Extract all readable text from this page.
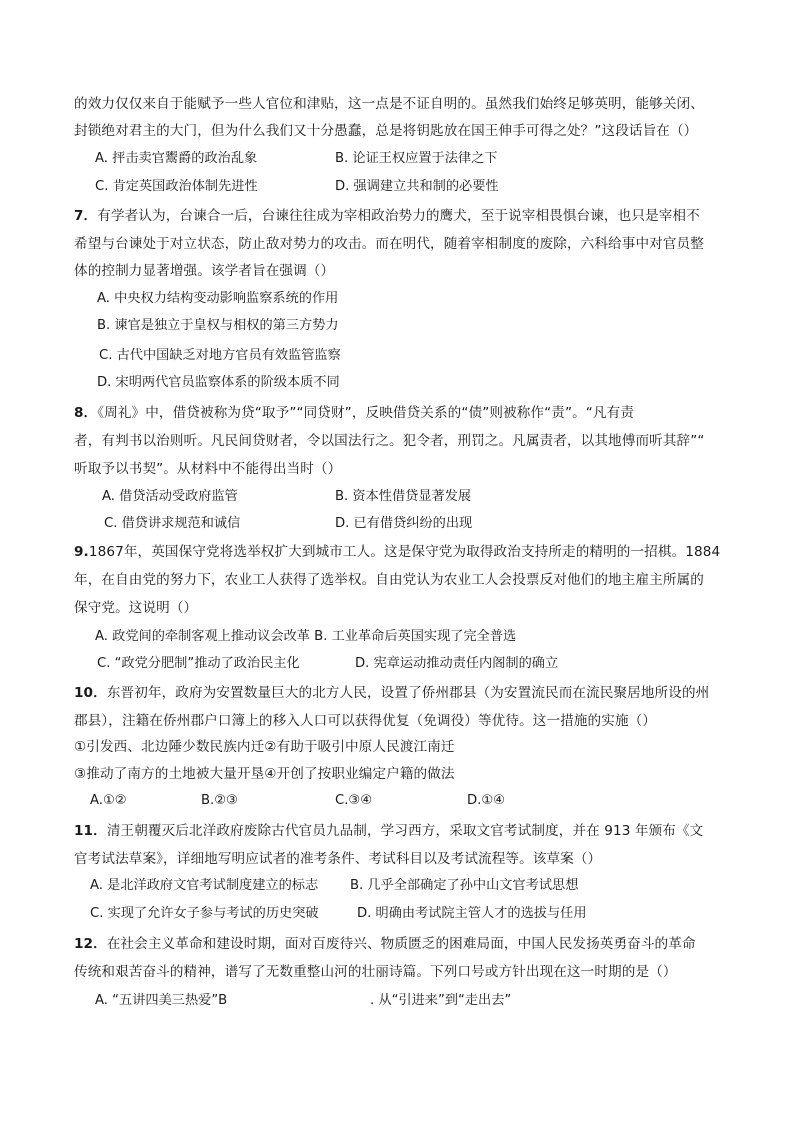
的效力仅仅来自于能赋予一些人官位和津贴，这一点是不证自明的。虽然我们始终足够英明，能够关闭、
封锁绝对君主的大门，但为什么我们又十分愚蠢，总是将钥匙放在国王伸手可得之处？”这段话旨在（）
A. 抨击卖官鬻爵的政治乱象	B. 论证王权应置于法律之下
C. 肯定英国政治体制先进性	D. 强调建立共和制的必要性
7．有学者认为，台谏合一后，台谏往往成为宰相政治势力的鹰犬，至于说宰相畏惧台谏，也只是宰相不
希望与台谏处于对立状态，防止敌对势力的攻击。而在明代，随着宰相制度的废除，六科给事中对官员整
体的控制力显著增强。该学者旨在强调（）
A. 中央权力结构变动影响监察系统的作用
B. 谏官是独立于皇权与相权的第三方势力
C. 古代中国缺乏对地方官员有效监管监察
D. 宋明两代官员监察体系的阶级本质不同
8．《周礼》中，借贷被称为贷“取予”“同贷财”，反映借贷关系的“债”则被称作“责”。“凡有责
者，有判书以治则听。凡民间贷财者，令以国法行之。犯令者，刑罚之。凡属责者，以其地傅而听其辞”“
听取予以书契”。从材料中不能得出当时（）
A. 借贷活动受政府监管	B. 资本性借贷显著发展
C. 借贷讲求规范和诚信	D. 已有借贷纠纷的出现
9.1867年，英国保守党将选举权扩大到城市工人。这是保守党为取得政治支持所走的精明的一招棋。1884
年，在自由党的努力下，农业工人获得了选举权。自由党认为农业工人会投票反对他们的地主雇主所属的
保守党。这说明（）
A. 政党间的牵制客观上推动议会改革 B. 工业革命后英国实现了完全普选
C. “政党分肥制”推动了政治民主化	D. 宪章运动推动责任内阁制的确立
10．东晋初年，政府为安置数量巨大的北方人民，设置了侨州郡县（为安置流民而在流民聚居地所设的州
郡县），注籍在侨州郡户口簿上的移入人口可以获得优复（免调役）等优待。这一措施的实施（）
①引发西、北边陲少数民族内迁②有助于吸引中原人民渡江南迁
③推动了南方的土地被大量开垦④开创了按职业编定户籍的做法
A.①②	B.②③	C.③④	D.①④
11．清王朝覆灭后北洋政府废除古代官员九品制，学习西方，采取文官考试制度，并在 913 年颁布《文
官考试法草案》，详细地写明应试者的准考条件、考试科目以及考试流程等。该草案（）
A. 是北洋政府文官考试制度建立的标志 B. 几乎全部确定了孙中山文官考试思想
C. 实现了允许女子参与考试的历史突破	D. 明确由考试院主管人才的选拔与任用
12．在社会主义革命和建设时期，面对百废待兴、物质匮乏的困难局面，中国人民发扬英勇奋斗的革命
传统和艰苦奋斗的精神，谱写了无数重整山河的壮丽诗篇。下列口号或方针出现在这一时期的是（）
A. “五讲四美三热爱”B	. 从“引进来”到“走出去”
